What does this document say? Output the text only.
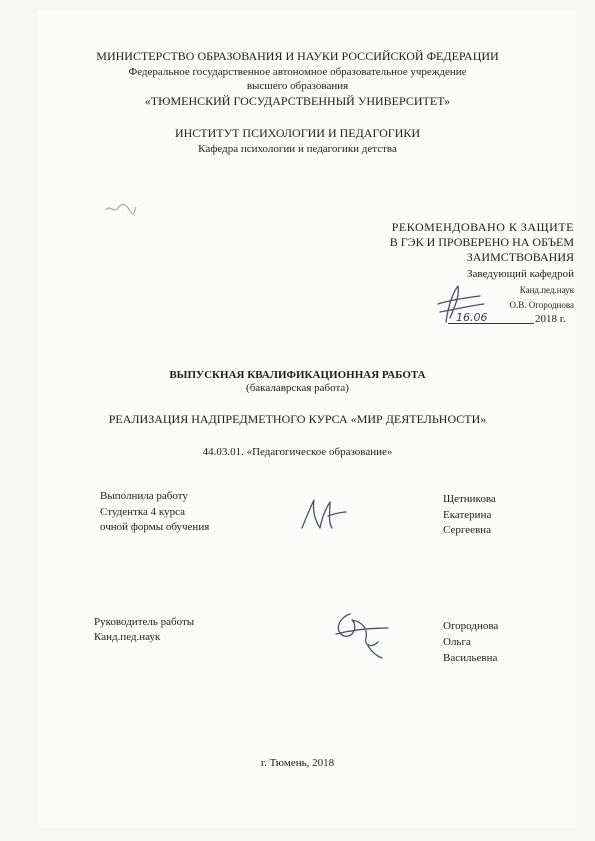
МИНИСТЕРСТВО ОБРАЗОВАНИЯ И НАУКИ РОССИЙСКОЙ ФЕДЕРАЦИИ
Федеральное государственное автономное образовательное учреждение
высшего образования
«ТЮМЕНСКИЙ ГОСУДАРСТВЕННЫЙ УНИВЕРСИТЕТ»
ИНСТИТУТ ПСИХОЛОГИИ И ПЕДАГОГИКИ
Кафедра психологии и педагогики детства
РЕКОМЕНДОВАНО К ЗАЩИТЕ
В ГЭК И ПРОВЕРЕНО НА ОБЪЕМ
ЗАИМСТВОВАНИЯ
Заведующий кафедрой
Канд.пед.наук
О.В. Огороднова
16.06	2018 г.
ВЫПУСКНАЯ КВАЛИФИКАЦИОННАЯ РАБОТА
(бакалаврская работа)
РЕАЛИЗАЦИЯ НАДПРЕДМЕТНОГО КУРСА «МИР ДЕЯТЕЛЬНОСТИ»
44.03.01. «Педагогическое образование»
Выполнила работу
Студентка 4 курса
очной формы обучения
Щетникова
Екатерина
Сергеевна
Руководитель работы
Канд.пед.наук
Огороднова
Ольга
Васильевна
г. Тюмень, 2018
